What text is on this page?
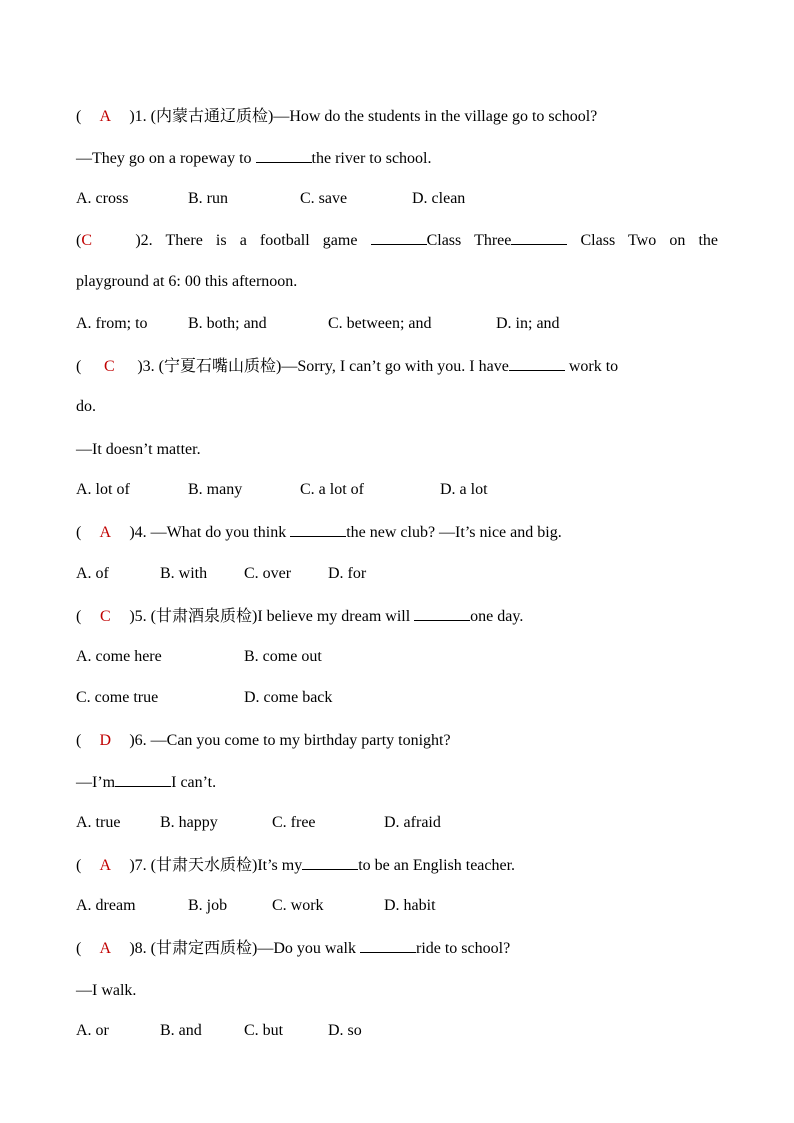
( A )1. (内蒙古通辽质检)—How do the students in the village go to school?
—They go on a ropeway to	the river to school.
A. cross	B. run	C. save	D. clean
(C	)2. There is a football game	Class Three	Class Two on the
playground at 6: 00 this afternoon.
A. from; to	B. both; and	C. between; and	D. in; and
( C )3. (宁夏石嘴山质检)—Sorry, I can’t go with you. I have	work to
do.
—It doesn’t matter.
A. lot of	B. many	C. a lot of	D. a lot
( A )4. —What do you think	the new club? —It’s nice and big.
A. of	B. with C. over D. for
( C )5. (甘肃酒泉质检)I believe my dream will	one day.
A. come here	B. come out
C. come true	D. come back
( D )6. —Can you come to my birthday party tonight?
—I’m	I can’t.
A. true B. happy	C. free	D. afraid
( A )7. (甘肃天水质检)It’s my	to be an English teacher.
A. dream	B. job	C. work	D. habit
( A )8. (甘肃定西质检)—Do you walk	ride to school?
—I walk.
A. or	B. and	C. but	D. so
